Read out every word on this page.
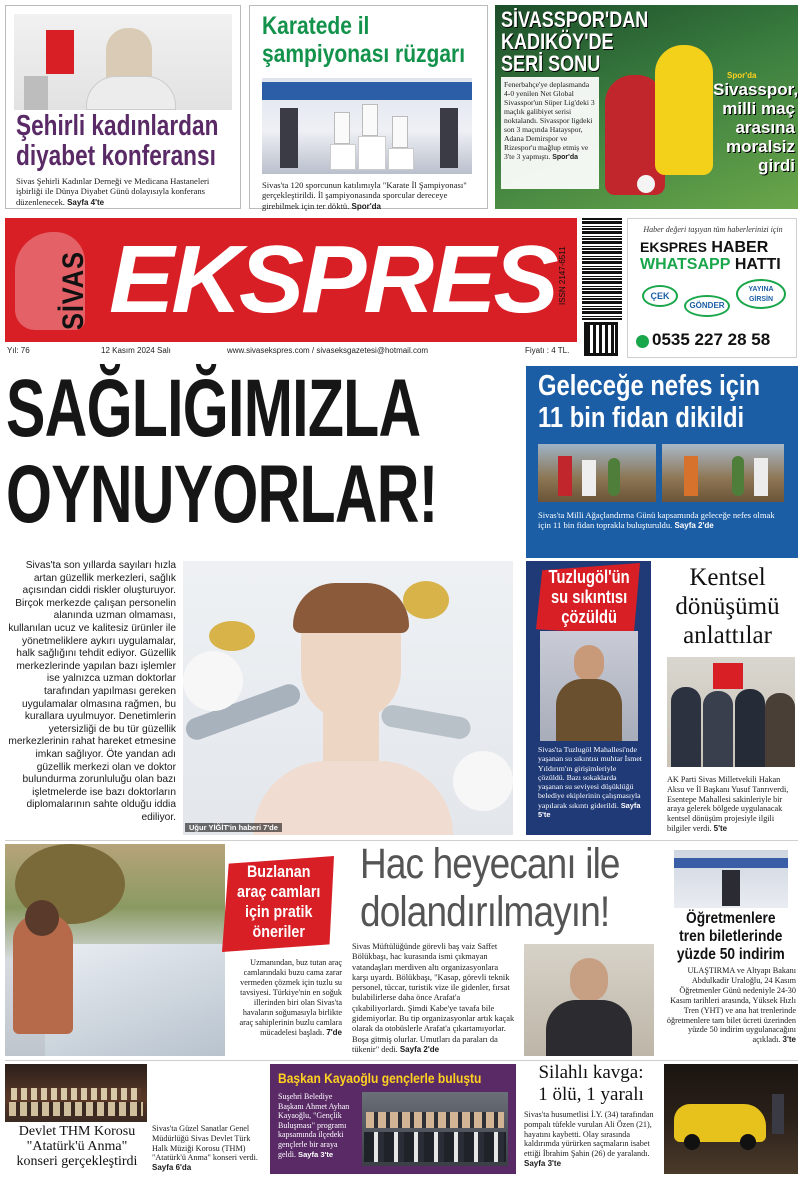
Şehirli kadınlardan
diyabet konferansı
Sivas Şehirli Kadınlar Derneği ve Medicana Hastaneleri işbirliği ile Dünya Diyabet Günü dolayısıyla konferans düzenlenecek. Sayfa 4'te
Karatede il
şampiyonası rüzgarı
Sivas'ta 120 sporcunun katılımıyla "Karate İl Şampiyonası" gerçekleştirildi. İl şampiyonasında sporcular dereceye girebilmek için ter döktü. Spor'da
SİVASSPOR'DAN
KADIKÖY'DE
SERİ SONU
Fenerbahçe'ye deplasmanda 4-0 yenilen Net Global Sivasspor'un Süper Lig'deki 3 maçlık galibiyet serisi noktalandı. Sivasspor ligdeki son 3 maçında Hatayspor, Adana Demirspor ve Rizespor'u mağlup etmiş ve 3'te 3 yapmıştı. Spor'da
Spor'da
Sivasspor,
milli maç
arasına
moralsiz
girdi
SİVAS EKSPRES ISSN 2147-6511
Haber değeri taşıyan tüm haberlerinizi için
EKSPRES HABER
WHATSAPP HATTI
ÇEK
GÖNDER
YAYINA GİRSİN
0535 227 28 58
Yıl: 76	12 Kasım 2024 Salı	www.sivasekspres.com / sivaseksgazetesi@hotmail.com	Fiyatı : 4 TL.
SAĞLIĞIMIZLA
OYNUYORLAR!
Sivas'ta son yıllarda sayıları hızla artan güzellik merkezleri, sağlık açısından ciddi riskler oluşturuyor. Birçok merkezde çalışan personelin alanında uzman olmaması, kullanılan ucuz ve kalitesiz ürünler ile yönetmeliklere aykırı uygulamalar, halk sağlığını tehdit ediyor. Güzellik merkezlerinde yapılan bazı işlemler ise yalnızca uzman doktorlar tarafından yapılması gereken uygulamalar olmasına rağmen, bu kurallara uyulmuyor. Denetimlerin yetersizliği de bu tür güzellik merkezlerinin rahat hareket etmesine imkan sağlıyor. Öte yandan adı güzellik merkezi olan ve doktor bulundurma zorunluluğu olan bazı işletmelerde ise bazı doktorların diplomalarının sahte olduğu iddia ediliyor.
Uğur YİĞİT'in haberi 7'de
Geleceğe nefes için
11 bin fidan dikildi
Sivas'ta Milli Ağaçlandırma Günü kapsamında geleceğe nefes olmak için 11 bin fidan toprakla buluşturuldu. Sayfa 2'de
Tuzlugöl'ün
su sıkıntısı
çözüldü
Sivas'ta Tuzlugöl Mahallesi'nde yaşanan su sıkıntısı muhtar İsmet Yıldırım'ın girişimleriyle çözüldü. Bazı sokaklarda yaşanan su seviyesi düşüklüğü belediye ekiplerinin çalışmasıyla yapılarak sıkıntı giderildi. Sayfa 5'te
Kentsel
dönüşümü
anlattılar
AK Parti Sivas Milletvekili Hakan Aksu ve İl Başkanı Yusuf Tanrıverdi, Esentepe Mahallesi sakinleriyle bir araya gelerek bölgede uygulanacak kentsel dönüşüm projesiyle ilgili bilgiler verdi. 5'te
Buzlanan
araç camları
için pratik
öneriler
Uzmanından, buz tutan araç camlarındaki buzu cama zarar vermeden çözmek için tuzlu su tavsiyesi. Türkiye'nin en soğuk illerinden biri olan Sivas'ta havaların soğumasıyla birlikte araç sahiplerinin buzlu camlara mücadelesi başladı. 7'de
Hac heyecanı ile
dolandırılmayın!
Sivas Müftülüğünde görevli baş vaiz Saffet Bölükbaşı, hac kurasında ismi çıkmayan vatandaşları merdiven altı organizasyonlara karşı uyardı. Bölükbaşı, "Kasap, görevli teknik personel, tüccar, turistik vize ile gidenler, fırsat bulabilirlerse daha önce Arafat'a çıkabiliyorlardı. Şimdi Kabe'ye tavafa bile gidemiyorlar. Bu tip organizasyonlar artık kaçak olarak da otobüslerle Arafat'a çıkartamıyorlar. Boşa gitmiş olurlar. Umutları da paraları da tükenir" dedi. Sayfa 2'de
Öğretmenlere
tren biletlerinde
yüzde 50 indirim
ULAŞTIRMA ve Altyapı Bakanı Abdulkadir Uraloğlu, 24 Kasım Öğretmenler Günü nedeniyle 24-30 Kasım tarihleri arasında, Yüksek Hızlı Tren (YHT) ve ana hat trenlerinde öğretmenlere tam bilet ücreti üzerinden yüzde 50 indirim uygulanacağını açıkladı. 3'te
Devlet THM Korosu
"Atatürk'ü Anma"
konseri gerçekleştirdi
Sivas'ta Güzel Sanatlar Genel Müdürlüğü Sivas Devlet Türk Halk Müziği Korosu (THM) "Atatürk'ü Anma" konseri verdi. Sayfa 6'da
Başkan Kayaoğlu gençlerle buluştu
Suşehri Belediye Başkanı Ahmet Ayhan Kayaoğlu, "Gençlik Buluşması" programı kapsamında ilçedeki gençlerle bir araya geldi. Sayfa 3'te
Silahlı kavga:
1 ölü, 1 yaralı
Sivas'ta husumetlisi İ.Y. (34) tarafından pompalı tüfekle vurulan Ali Özen (21), hayatını kaybetti. Olay sırasında kaldırımda yürürken saçmaların isabet ettiği İbrahim Şahin (26) de yaralandı. Sayfa 3'te
